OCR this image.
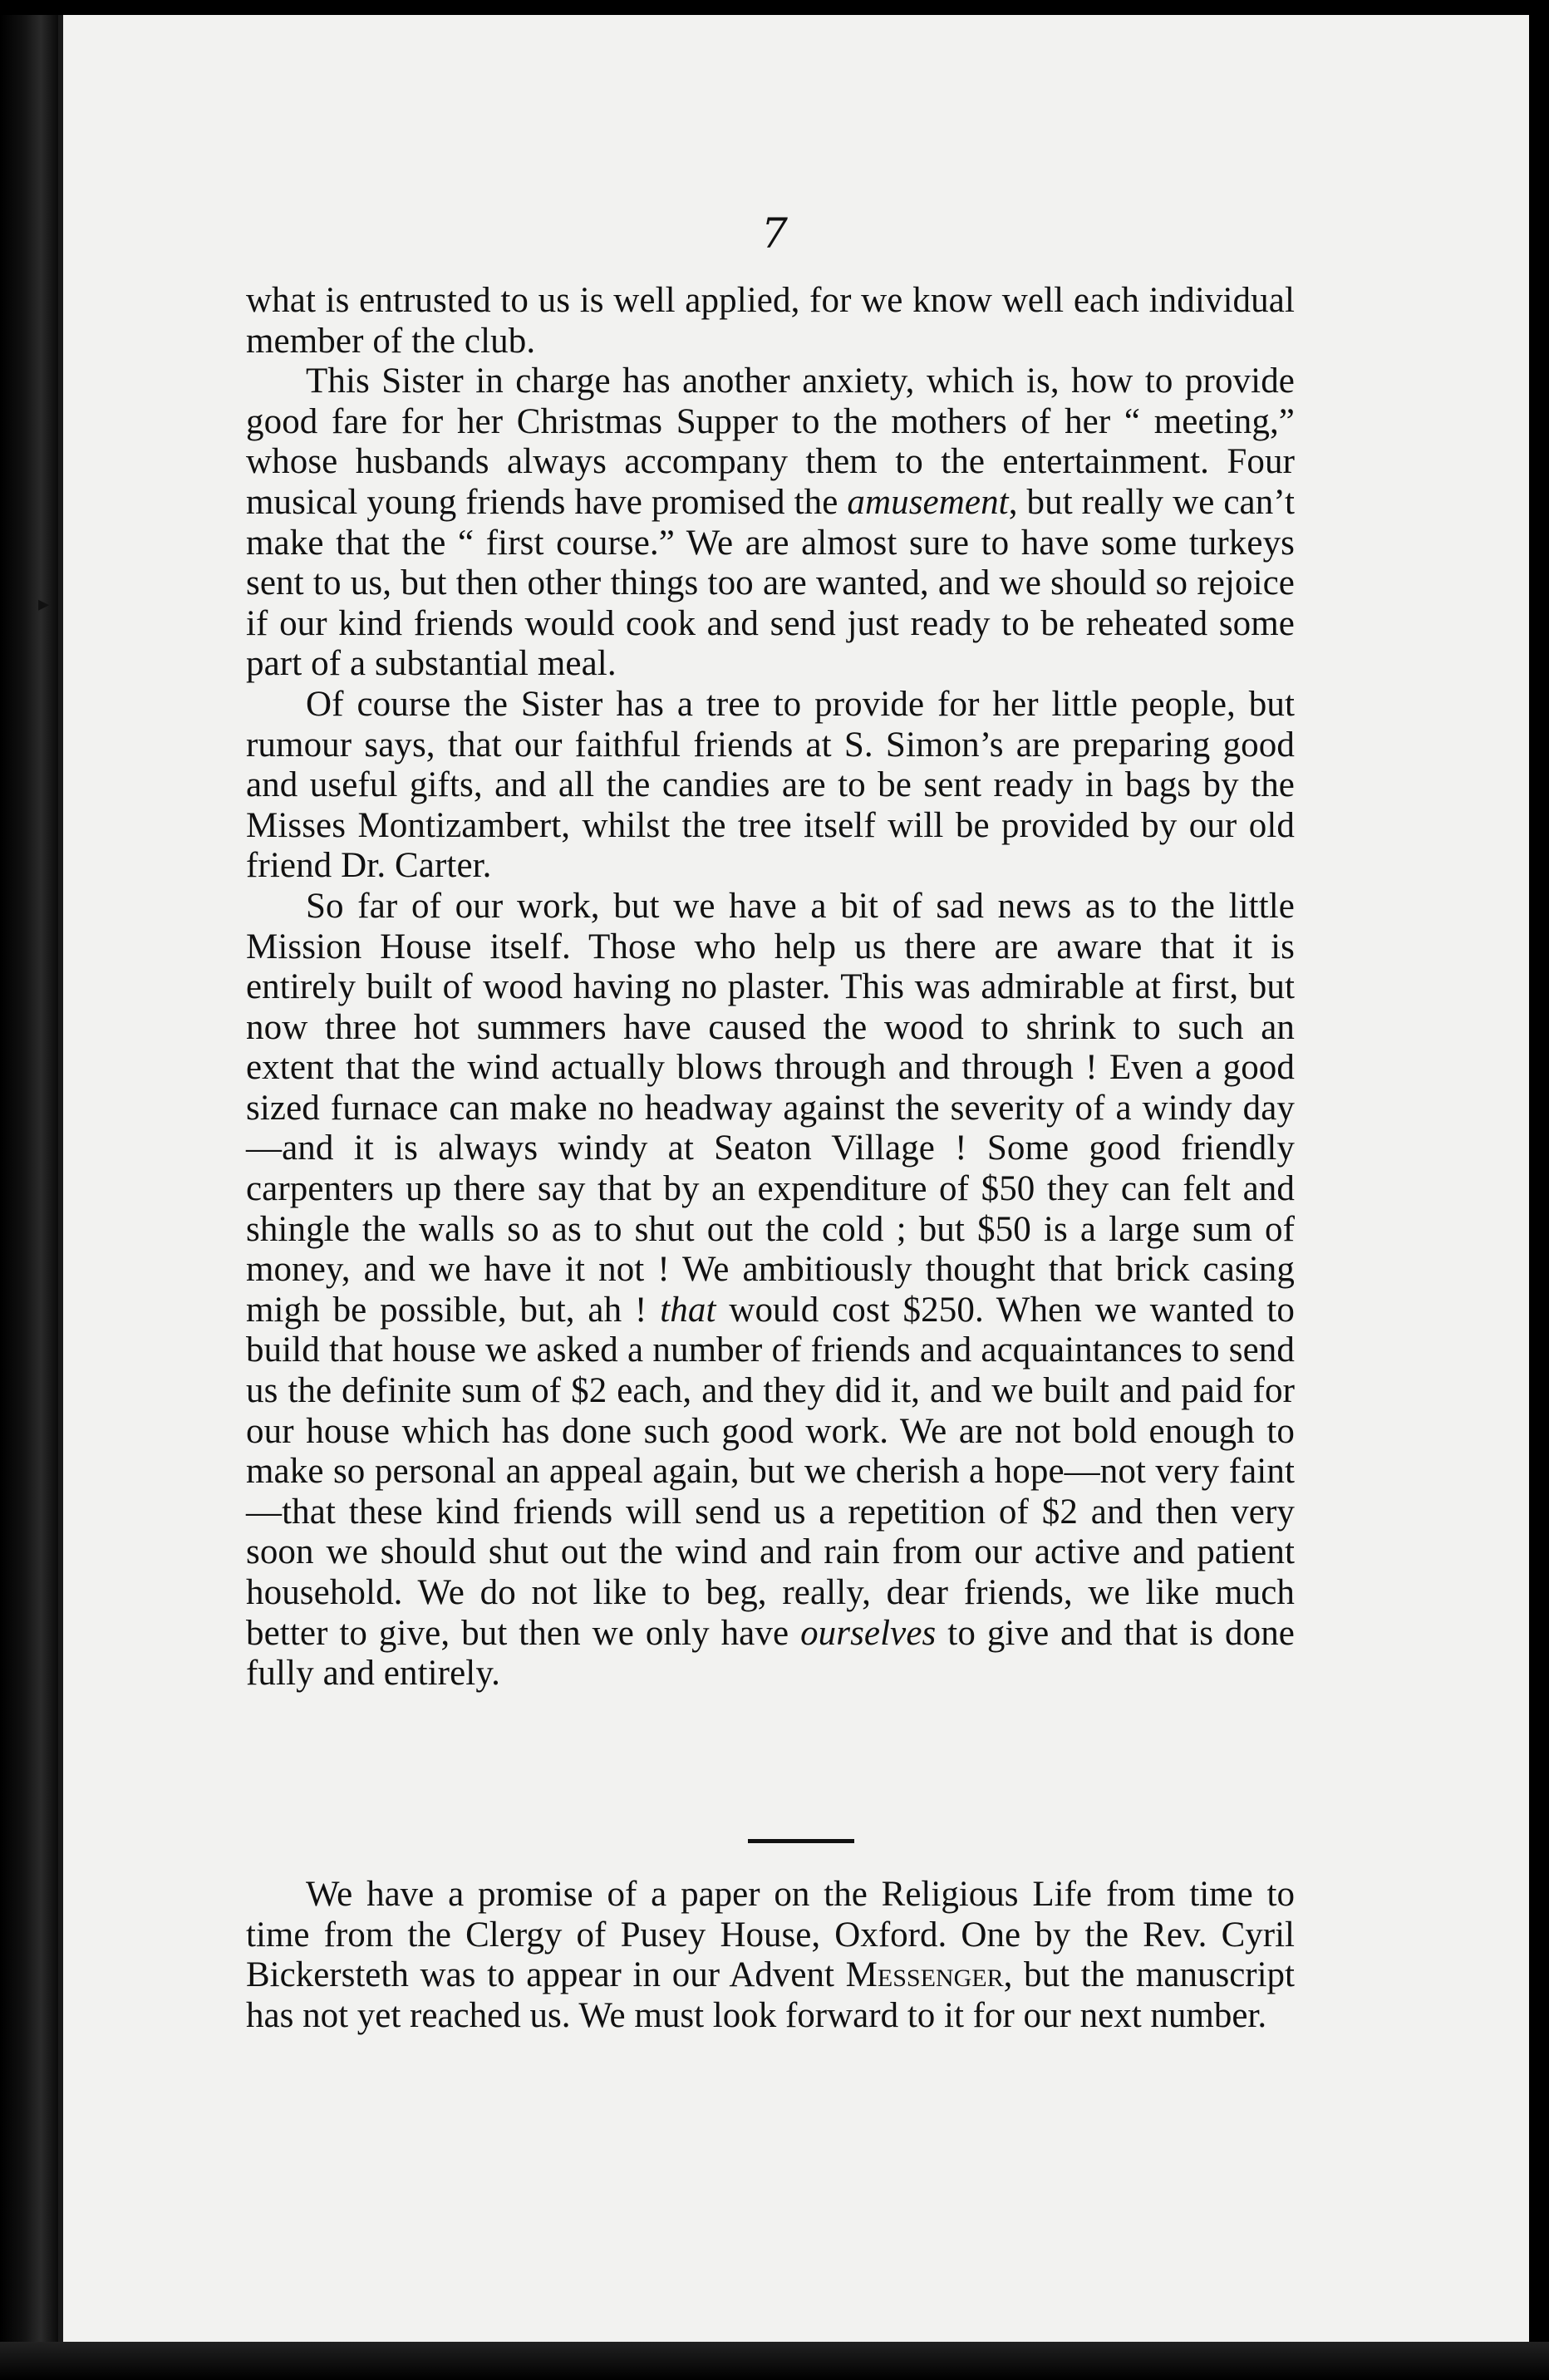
▸
7

what is entrusted to us is well applied, for we know well each individual member of the club.

This Sister in charge has another anxiety, which is, how to provide good fare for her Christmas Supper to the mothers of her “ meeting,” whose husbands always accompany them to the entertainment. Four musical young friends have promised the amusement, but really we can’t make that the “ first course.” We are almost sure to have some turkeys sent to us, but then other things too are wanted, and we should so rejoice if our kind friends would cook and send just ready to be reheated some part of a substantial meal.

Of course the Sister has a tree to provide for her little people, but rumour says, that our faithful friends at S. Simon’s are preparing good and useful gifts, and all the candies are to be sent ready in bags by the Misses Montizambert, whilst the tree itself will be provided by our old friend Dr. Carter.

So far of our work, but we have a bit of sad news as to the little Mission House itself. Those who help us there are aware that it is entirely built of wood having no plaster. This was admirable at first, but now three hot summers have caused the wood to shrink to such an extent that the wind actually blows through and through ! Even a good sized furnace can make no headway against the severity of a windy day—and it is always windy at Seaton Village ! Some good friendly carpenters up there say that by an expenditure of $50 they can felt and shingle the walls so as to shut out the cold ; but $50 is a large sum of money, and we have it not ! We ambitiously thought that brick casing migh be possible, but, ah ! that would cost $250. When we wanted to build that house we asked a number of friends and acquaintances to send us the definite sum of $2 each, and they did it, and we built and paid for our house which has done such good work. We are not bold enough to make so personal an appeal again, but we cherish a hope—not very faint —that these kind friends will send us a repetition of $2 and then very soon we should shut out the wind and rain from our active and patient household. We do not like to beg, really, dear friends, we like much better to give, but then we only have ourselves to give and that is done fully and entirely.

We have a promise of a paper on the Religious Life from time to time from the Clergy of Pusey House, Oxford. One by the Rev. Cyril Bickersteth was to appear in our Advent Messenger, but the manuscript has not yet reached us. We must look forward to it for our next number.
